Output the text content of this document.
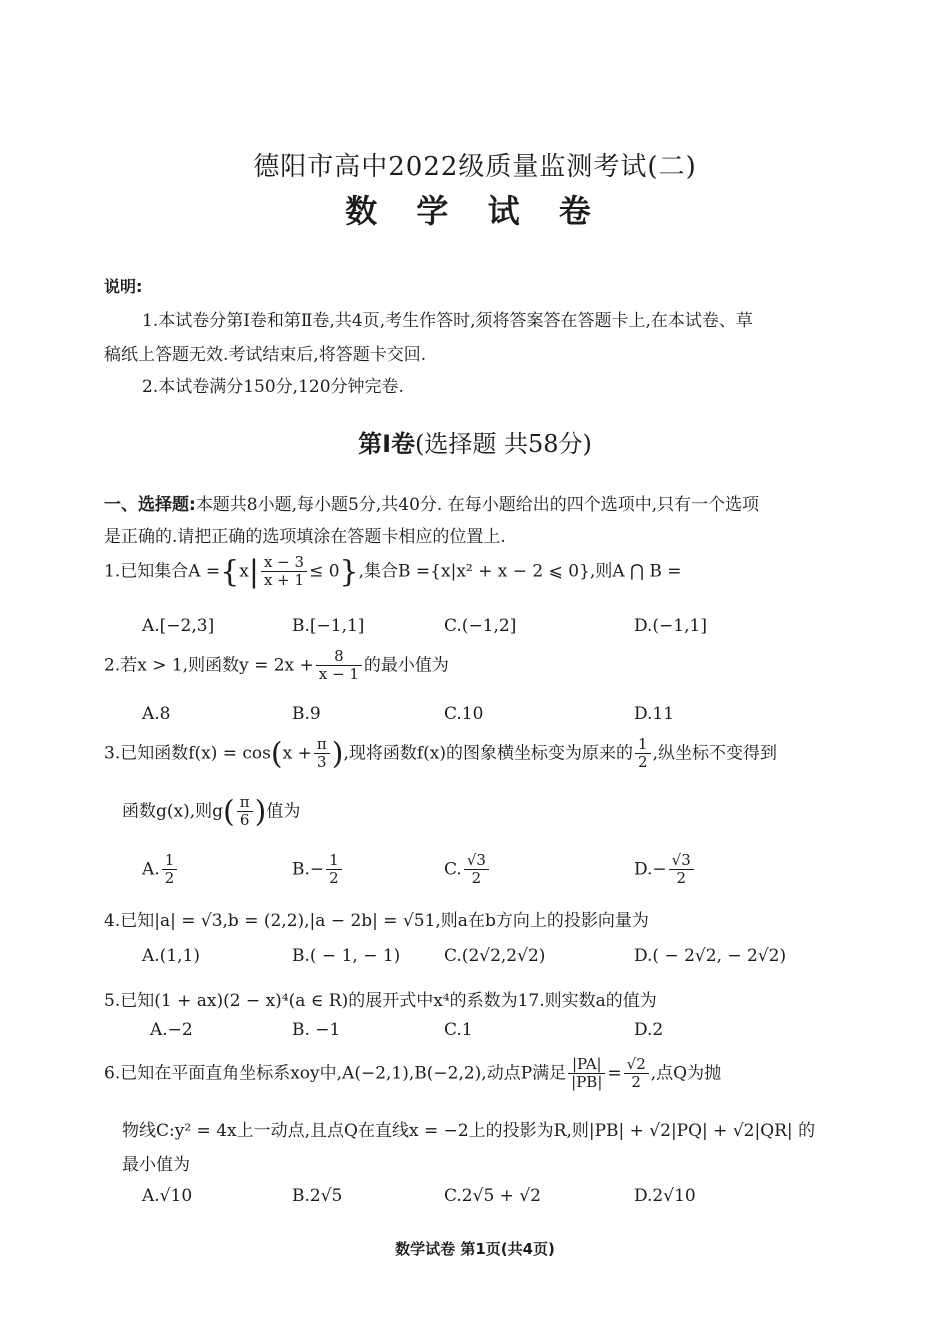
德阳市高中2022级质量监测考试(二)
数 学 试 卷
说明:
1.本试卷分第Ⅰ卷和第Ⅱ卷,共4页,考生作答时,须将答案答在答题卡上,在本试卷、草
稿纸上答题无效.考试结束后,将答题卡交回.
2.本试卷满分150分,120分钟完卷.
第Ⅰ卷(选择题 共58分)
一、选择题:本题共8小题,每小题5分,共40分. 在每小题给出的四个选项中,只有一个选项
是正确的.请把正确的选项填涂在答题卡相应的位置上.
1.已知集合$A =\{x| \frac{x - 3}{x + 1} \le 0\}$,集合B ={x|x² + x − 2 ⩽ 0},则A ⋂ B =
A.[−2,3]	B.[−1,1]	C.(−1,2]	D.(−1,1]
2.若x > 1,则函数$y = 2x + \frac{8}{x - 1}$ 的最小值为
A.8	B.9	C.10	D.11
3.已知函数$f(x) = \cos(x + \frac{\pi}{3}$ ),现将函数f(x)的图象横坐标变为原来的 $\frac{1}{2}$ ,纵坐标不变得到
函数g(x),则$g( \frac{\pi}{6}$ )值为
A. $\frac{1}{2}$	$B.- \frac{1}{2}$	C. $\frac{√3}{2}$	$D.- \frac{√3}{2}$
4.已知|a| = √3,b = (2,2),|a − 2b| = √51,则a在b方向上的投影向量为
A.(1,1)	B.( − 1, − 1)	C.(2√2,2√2)	D.( − 2√2, − 2√2)
5.已知(1 + ax)(2 − x)⁴(a ∈ R)的展开式中x⁴的系数为17.则实数a的值为
A.−2	B. −1	C.1	D.2
6.已知在平面直角坐标系xoy中,A(−2,1),B(−2,2),动点P满足 $\frac{|PA|}{|PB|} = \frac{√2}{2}$ ,点Q为抛
物线C:y² = 4x上一动点,且点Q在直线x = −2上的投影为R,则|PB| + √2|PQ| + √2|QR| 的
最小值为
A.√10	B.2√5	C.2√5 + √2	D.2√10
数学试卷 第1页(共4页)
